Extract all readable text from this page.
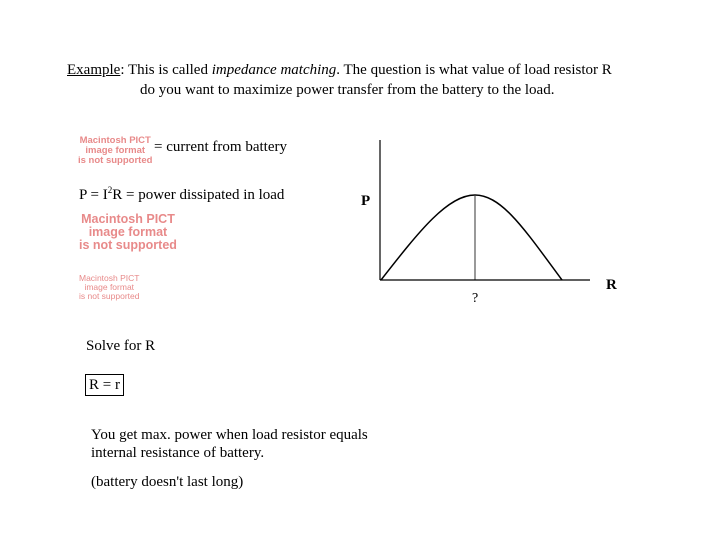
Example: This is called impedance matching. The question is what value of load resistor R
do you want to maximize power transfer from the battery to the load.
Macintosh PICT
image format
is not supported
= current from battery
$P = I^2R$ = power dissipated in load
Macintosh PICT
image format
is not supported
Macintosh PICT
image format
is not supported
P
R
?
Solve for R
R = r
You get max. power when load resistor equals
internal resistance of battery.
(battery doesn't last long)
